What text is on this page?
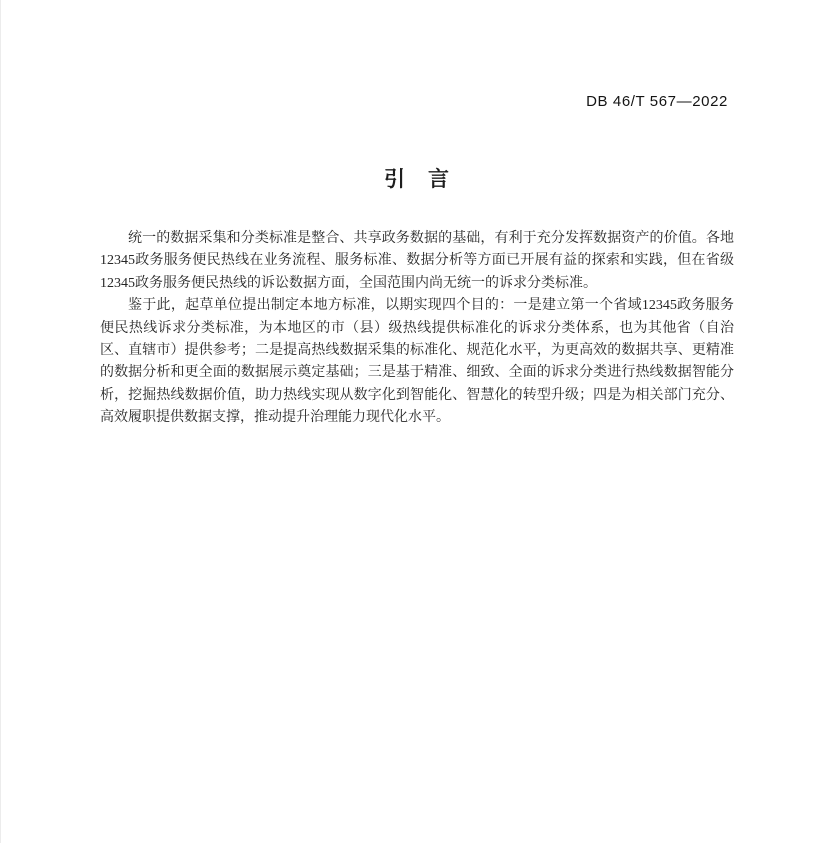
DB 46/T 567—2022
引　言

统一的数据采集和分类标准是整合、共享政务数据的基础，有利于充分发挥数据资产的价值。各地12345政务服务便民热线在业务流程、服务标准、数据分析等方面已开展有益的探索和实践，但在省级12345政务服务便民热线的诉讼数据方面，全国范围内尚无统一的诉求分类标准。

鉴于此，起草单位提出制定本地方标准，以期实现四个目的：一是建立第一个省域12345政务服务便民热线诉求分类标准，为本地区的市（县）级热线提供标准化的诉求分类体系，也为其他省（自治区、直辖市）提供参考；二是提高热线数据采集的标准化、规范化水平，为更高效的数据共享、更精准的数据分析和更全面的数据展示奠定基础；三是基于精准、细致、全面的诉求分类进行热线数据智能分析，挖掘热线数据价值，助力热线实现从数字化到智能化、智慧化的转型升级；四是为相关部门充分、高效履职提供数据支撑，推动提升治理能力现代化水平。
